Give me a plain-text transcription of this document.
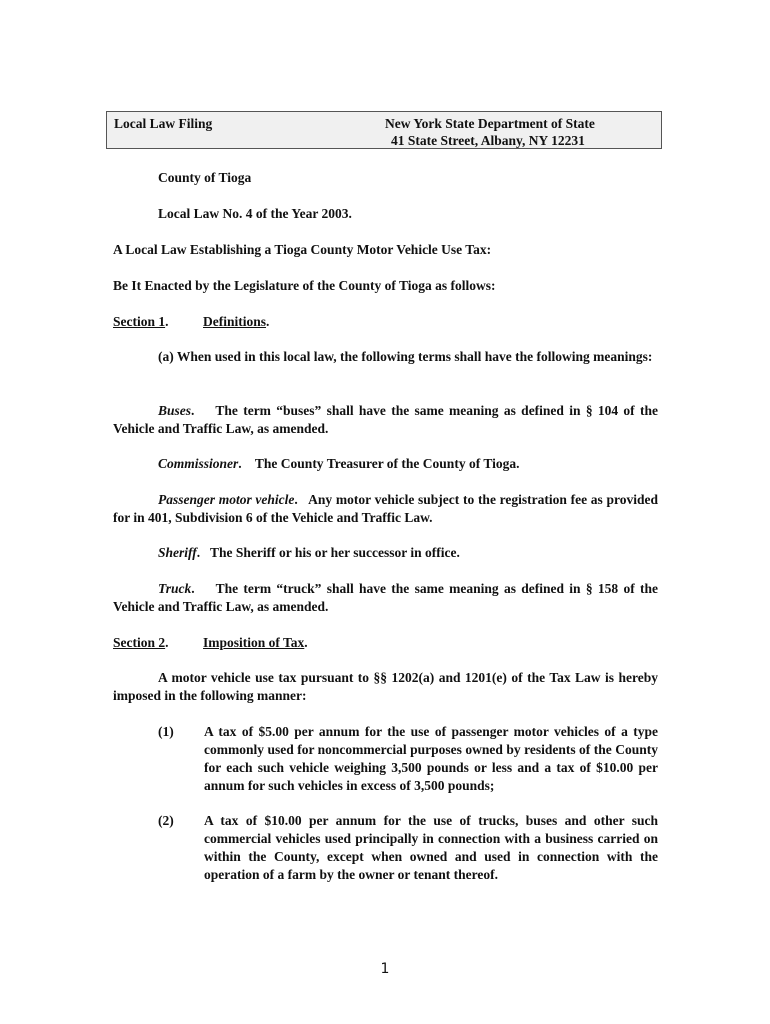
Local Law Filing	New York State Department of State
41 State Street, Albany, NY 12231
County of Tioga
Local Law No. 4 of the Year 2003.
A Local Law Establishing a Tioga County Motor Vehicle Use Tax:
Be It Enacted by the Legislature of the County of Tioga as follows:
Section 1.	Definitions.
(a) When used in this local law, the following terms shall have the following meanings:
Buses.    The term “buses” shall have the same meaning as defined in § 104 of the Vehicle and Traffic Law, as amended.
Commissioner.    The County Treasurer of the County of Tioga.
Passenger motor vehicle.   Any motor vehicle subject to the registration fee as provided for in 401, Subdivision 6 of the Vehicle and Traffic Law.
Sheriff.   The Sheriff or his or her successor in office.
Truck.    The term “truck” shall have the same meaning as defined in § 158 of the Vehicle and Traffic Law, as amended.
Section 2.	Imposition of Tax.
A motor vehicle use tax pursuant to §§ 1202(a) and 1201(e) of the Tax Law is hereby imposed in the following manner:
(1) A tax of $5.00 per annum for the use of passenger motor vehicles of a type commonly used for noncommercial purposes owned by residents of the County for each such vehicle weighing 3,500 pounds or less and a tax of $10.00 per annum for such vehicles in excess of 3,500 pounds;
(2) A tax of $10.00 per annum for the use of trucks, buses and other such commercial vehicles used principally in connection with a business carried on within the County, except when owned and used in connection with the operation of a farm by the owner or tenant thereof.
1
